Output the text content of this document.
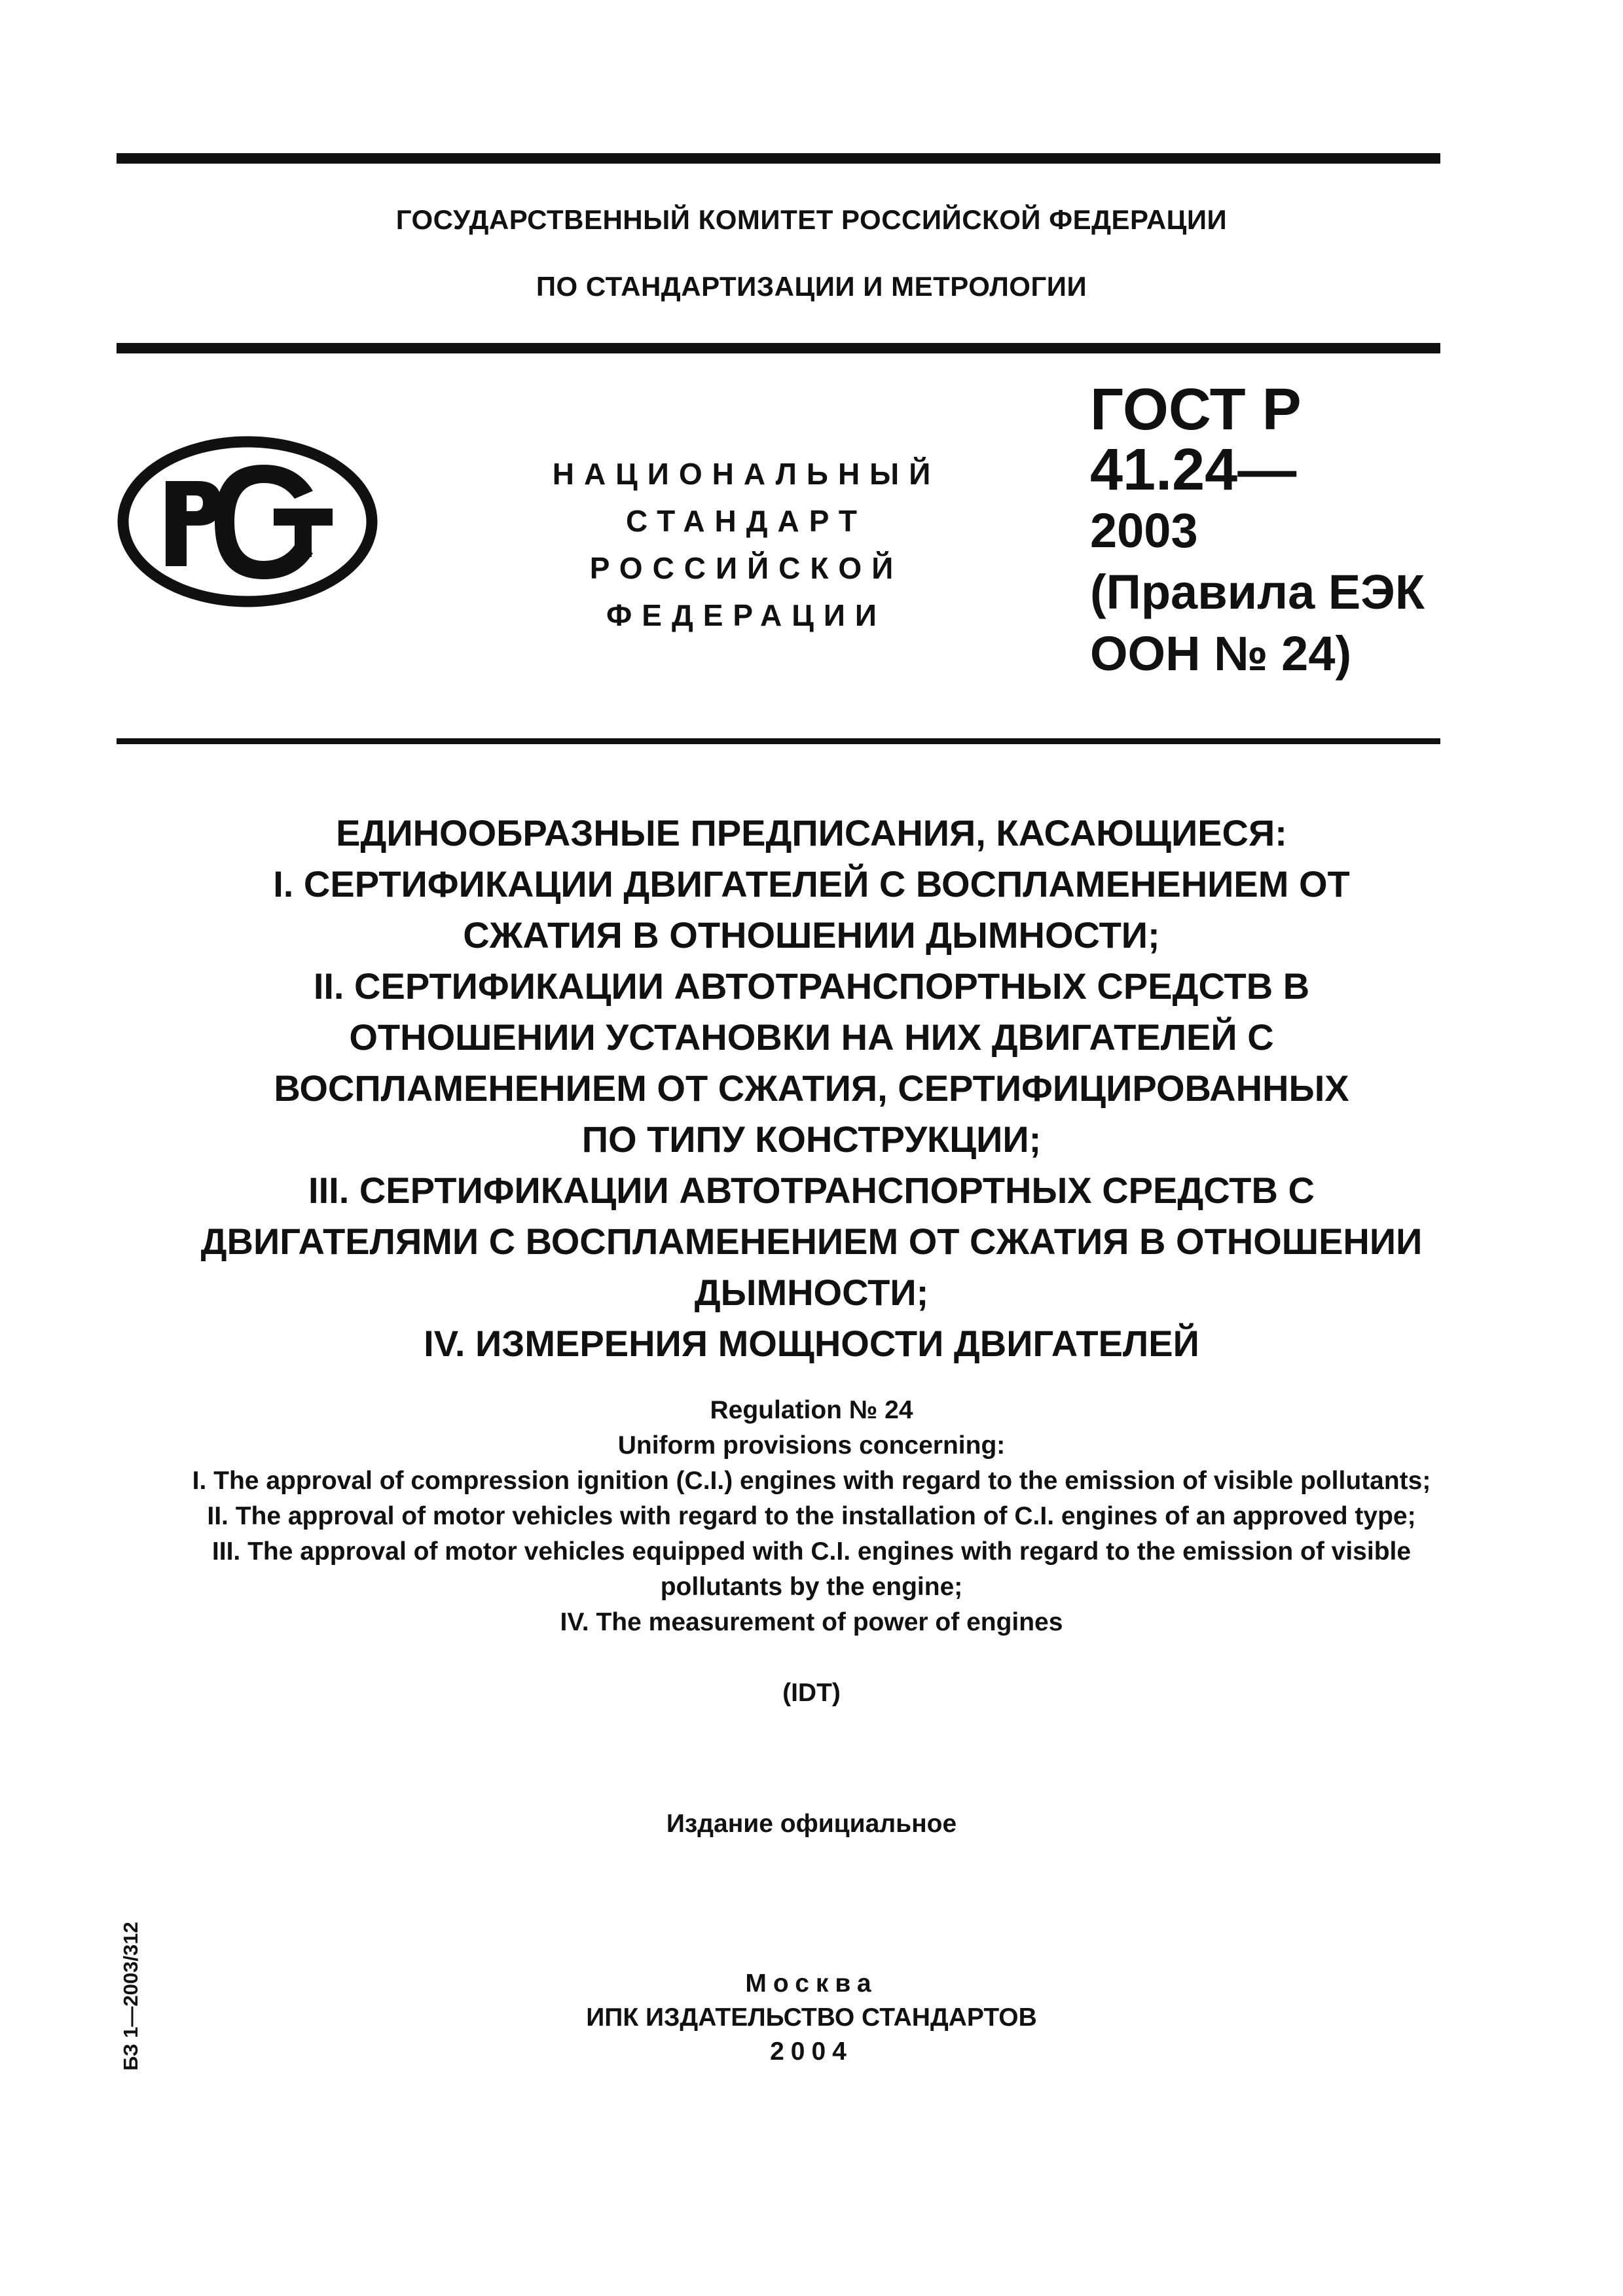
ГОСУДАРСТВЕННЫЙ КОМИТЕТ РОССИЙСКОЙ ФЕДЕРАЦИИ
ПО СТАНДАРТИЗАЦИИ И МЕТРОЛОГИИ
НАЦИОНАЛЬНЫЙ
СТАНДАРТ
РОССИЙСКОЙ
ФЕДЕРАЦИИ
ГОСТ Р
41.24—
2003
(Правила ЕЭК
ООН № 24)
ЕДИНООБРАЗНЫЕ ПРЕДПИСАНИЯ, КАСАЮЩИЕСЯ:
I. СЕРТИФИКАЦИИ ДВИГАТЕЛЕЙ С ВОСПЛАМЕНЕНИЕМ ОТ
СЖАТИЯ В ОТНОШЕНИИ ДЫМНОСТИ;
II. СЕРТИФИКАЦИИ АВТОТРАНСПОРТНЫХ СРЕДСТВ В
ОТНОШЕНИИ УСТАНОВКИ НА НИХ ДВИГАТЕЛЕЙ С
ВОСПЛАМЕНЕНИЕМ ОТ СЖАТИЯ, СЕРТИФИЦИРОВАННЫХ
ПО ТИПУ КОНСТРУКЦИИ;
III. СЕРТИФИКАЦИИ АВТОТРАНСПОРТНЫХ СРЕДСТВ С
ДВИГАТЕЛЯМИ С ВОСПЛАМЕНЕНИЕМ ОТ СЖАТИЯ В ОТНОШЕНИИ
ДЫМНОСТИ;
IV. ИЗМЕРЕНИЯ МОЩНОСТИ ДВИГАТЕЛЕЙ
Regulation № 24
Uniform provisions concerning:
I. The approval of compression ignition (C.I.) engines with regard to the emission of visible pollutants;
II. The approval of motor vehicles with regard to the installation of C.I. engines of an approved type;
III. The approval of motor vehicles equipped with C.I. engines with regard to the emission of visible
pollutants by the engine;
IV. The measurement of power of engines
(IDT)
Издание официальное
БЗ 1—2003/312	Москва
ИПК ИЗДАТЕЛЬСТВО СТАНДАРТОВ
2004
